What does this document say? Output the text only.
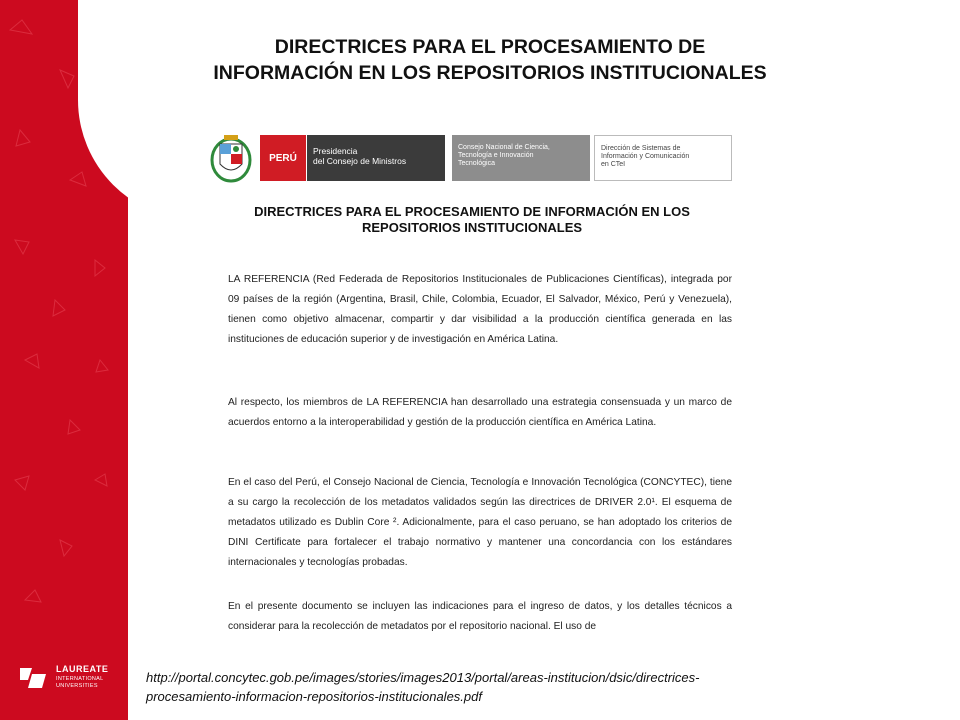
LAUREATE
INTERNATIONAL
UNIVERSITIES
DIRECTRICES PARA EL PROCESAMIENTO DE
INFORMACIÓN EN LOS REPOSITORIOS INSTITUCIONALES
PERÚ
Presidencia
del Consejo de Ministros
Consejo Nacional de Ciencia,
Tecnología e Innovación
Tecnológica
Dirección de Sistemas de
Información y Comunicación
en CTeI
DIRECTRICES PARA EL PROCESAMIENTO DE INFORMACIÓN EN LOS
REPOSITORIOS INSTITUCIONALES
LA REFERENCIA (Red Federada de Repositorios Institucionales de Publicaciones Científicas), integrada por 09 países de la región (Argentina, Brasil, Chile, Colombia, Ecuador, El Salvador, México, Perú y Venezuela), tienen como objetivo almacenar, compartir y dar visibilidad a la producción científica generada en las instituciones de educación superior y de investigación en América Latina.
Al respecto, los miembros de LA REFERENCIA han desarrollado una estrategia consensuada y un marco de acuerdos entorno a la interoperabilidad y gestión de la producción científica en América Latina.
En el caso del Perú, el Consejo Nacional de Ciencia, Tecnología e Innovación Tecnológica (CONCYTEC), tiene a su cargo la recolección de los metadatos validados según las directrices de DRIVER 2.0¹. El esquema de metadatos utilizado es Dublin Core ². Adicionalmente, para el caso peruano, se han adoptado los criterios de DINI Certificate para fortalecer el trabajo normativo y mantener una concordancia con los estándares internacionales y tecnologías probadas.
En el presente documento se incluyen las indicaciones para el ingreso de datos, y los detalles técnicos a considerar para la recolección de metadatos por el repositorio nacional. El uso de
http://portal.concytec.gob.pe/images/stories/images2013/portal/areas-institucion/dsic/directrices-
procesamiento-informacion-repositorios-institucionales.pdf
